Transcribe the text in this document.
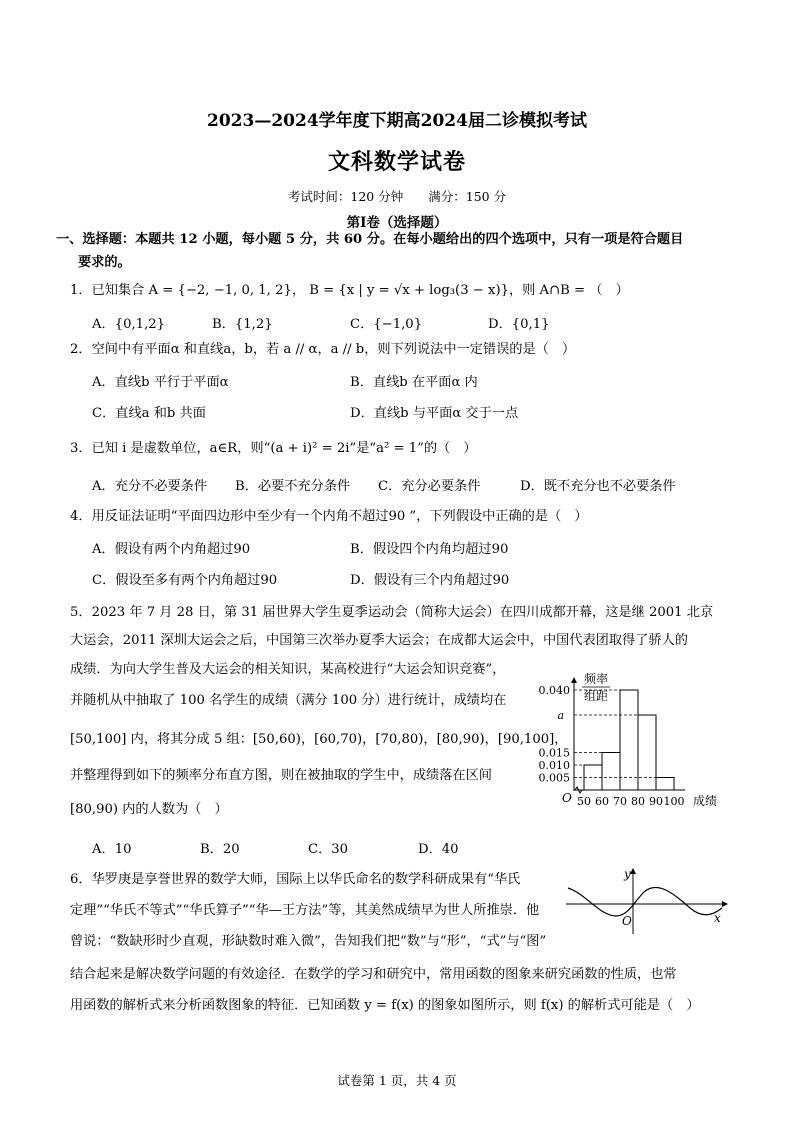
2023—2024学年度下期高2024届二诊模拟考试
文科数学试卷
考试时间：120 分钟　　满分：150 分
第Ⅰ卷（选择题）
一、选择题：本题共 12 小题，每小题 5 分，共 60 分。在每小题给出的四个选项中，只有一项是符合题目
要求的。
1．已知集合 A = {−2, −1, 0, 1, 2}， B = {x | y = √x + log₃(3 − x)}，则 A∩B = （　）
A．{0,1,2}	B．{1,2}	C．{−1,0}	D．{0,1}
2．空间中有平面α 和直线a，b，若 a // α，a // b，则下列说法中一定错误的是（　）
A．直线b 平行于平面α	B．直线b 在平面α 内
C．直线a 和b 共面	D．直线b 与平面α 交于一点
3．已知 i 是虚数单位，a∈R，则“(a + i)² = 2i”是“a² = 1”的（　）
A．充分不必要条件 B．必要不充分条件 C．充分必要条件	D．既不充分也不必要条件
4．用反证法证明“平面四边形中至少有一个内角不超过90 ”，下列假设中正确的是（　）
A．假设有两个内角超过90	B．假设四个内角均超过90
C．假设至多有两个内角超过90	D．假设有三个内角超过90
5．2023 年 7 月 28 日，第 31 届世界大学生夏季运动会（简称大运会）在四川成都开幕，这是继 2001 北京
大运会，2011 深圳大运会之后，中国第三次举办夏季大运会；在成都大运会中，中国代表团取得了骄人的
成绩．为向大学生普及大运会的相关知识，某高校进行“大运会知识竞赛”，
并随机从中抽取了 100 名学生的成绩（满分 100 分）进行统计，成绩均在
[50,100] 内，将其分成 5 组：[50,60)，[60,70)，[70,80)，[80,90)，[90,100]，
并整理得到如下的频率分布直方图，则在被抽取的学生中，成绩落在区间
[80,90) 内的人数为（　）
A．10	B．20	C．30	D．40
0.040
a
0.015
0.010
0.005
频率
组距
50 60 70 80 90 100 成绩
O
6．华罗庚是享誉世界的数学大师，国际上以华氏命名的数学科研成果有“华氏
定理”“华氏不等式”“华氏算子”“华—王方法”等，其美然成绩早为世人所推崇．他
曾说：“数缺形时少直观，形缺数时难入微”，告知我们把“数”与“形”，“式”与“图”
结合起来是解决数学问题的有效途径．在数学的学习和研究中，常用函数的图象来研究函数的性质，也常
用函数的解析式来分析函数图象的特征．已知函数 y = f(x) 的图象如图所示，则 f(x) 的解析式可能是（　）
x
y
O
试卷第 1 页，共 4 页
